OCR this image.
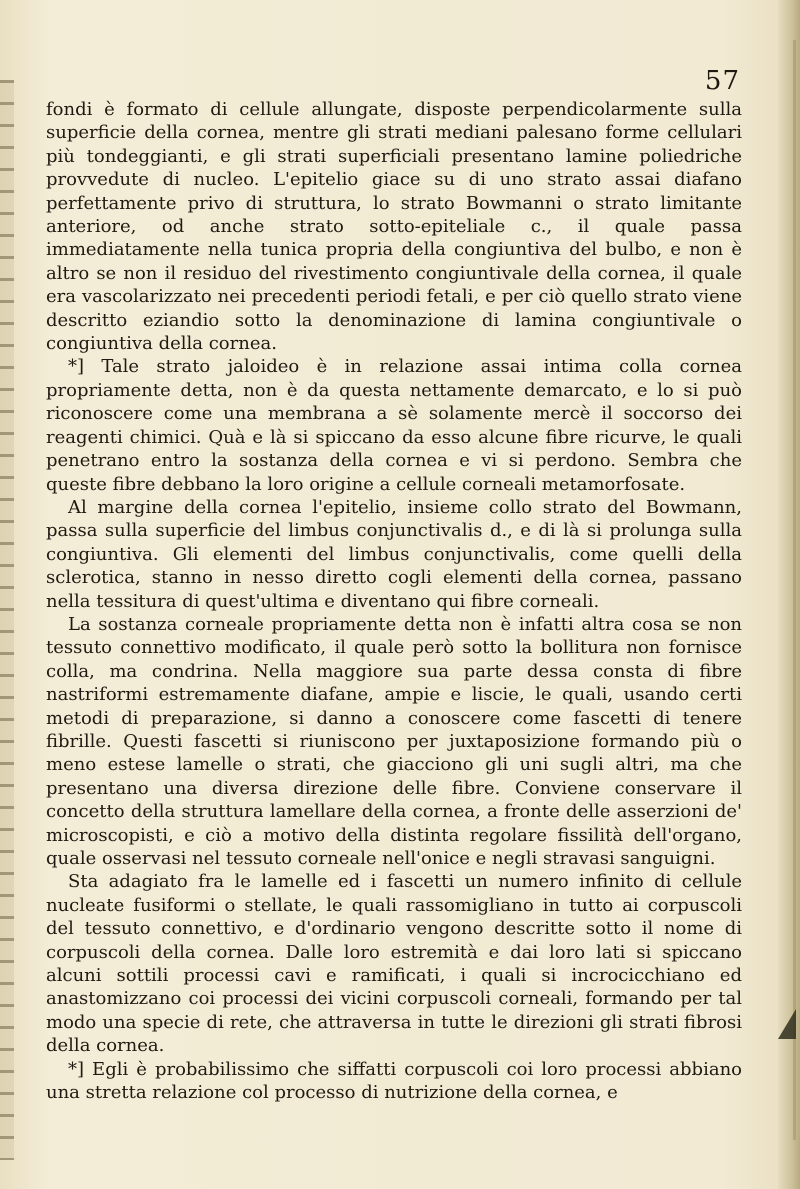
57

fondi è formato di cellule allungate, disposte perpendicolarmente sulla superficie della cornea, mentre gli strati mediani palesano forme cellulari più tondeggianti, e gli strati superficiali presentano lamine poliedriche provvedute di nucleo. L'epitelio giace su di uno strato assai diafano perfettamente privo di struttura, lo strato Bowmanni o strato limitante anteriore, od anche strato sotto-epiteliale c., il quale passa immediatamente nella tunica propria della congiuntiva del bulbo, e non è altro se non il residuo del rivestimento congiuntivale della cornea, il quale era vascolarizzato nei precedenti periodi fetali, e per ciò quello strato viene descritto eziandio sotto la denominazione di lamina congiuntivale o congiuntiva della cornea.

*] Tale strato jaloideo è in relazione assai intima colla cornea propriamente detta, non è da questa nettamente demarcato, e lo si può riconoscere come una membrana a sè solamente mercè il soccorso dei reagenti chimici. Quà e là si spiccano da esso alcune fibre ricurve, le quali penetrano entro la sostanza della cornea e vi si perdono. Sembra che queste fibre debbano la loro origine a cellule corneali metamorfosate.

Al margine della cornea l'epitelio, insieme collo strato del Bowmann, passa sulla superficie del limbus conjunctivalis d., e di là si prolunga sulla congiuntiva. Gli elementi del limbus conjunctivalis, come quelli della sclerotica, stanno in nesso diretto cogli elementi della cornea, passano nella tessitura di quest'ultima e diventano qui fibre corneali.

La sostanza corneale propriamente detta non è infatti altra cosa se non tessuto connettivo modificato, il quale però sotto la bollitura non fornisce colla, ma condrina. Nella maggiore sua parte dessa consta di fibre nastriformi estremamente diafane, ampie e liscie, le quali, usando certi metodi di preparazione, si danno a conoscere come fascetti di tenere fibrille. Questi fascetti si riuniscono per juxtaposizione formando più o meno estese lamelle o strati, che giacciono gli uni sugli altri, ma che presentano una diversa direzione delle fibre. Conviene conservare il concetto della struttura lamellare della cornea, a fronte delle asserzioni de' microscopisti, e ciò a motivo della distinta regolare fissilità dell'organo, quale osservasi nel tessuto corneale nell'onice e negli stravasi sanguigni.

Sta adagiato fra le lamelle ed i fascetti un numero infinito di cellule nucleate fusiformi o stellate, le quali rassomigliano in tutto ai corpuscoli del tessuto connettivo, e d'ordinario vengono descritte sotto il nome di corpuscoli della cornea. Dalle loro estremità e dai loro lati si spiccano alcuni sottili processi cavi e ramificati, i quali si incrocicchiano ed anastomizzano coi processi dei vicini corpuscoli corneali, formando per tal modo una specie di rete, che attraversa in tutte le direzioni gli strati fibrosi della cornea.

*] Egli è probabilissimo che siffatti corpuscoli coi loro processi abbiano una stretta relazione col processo di nutrizione della cornea, e
